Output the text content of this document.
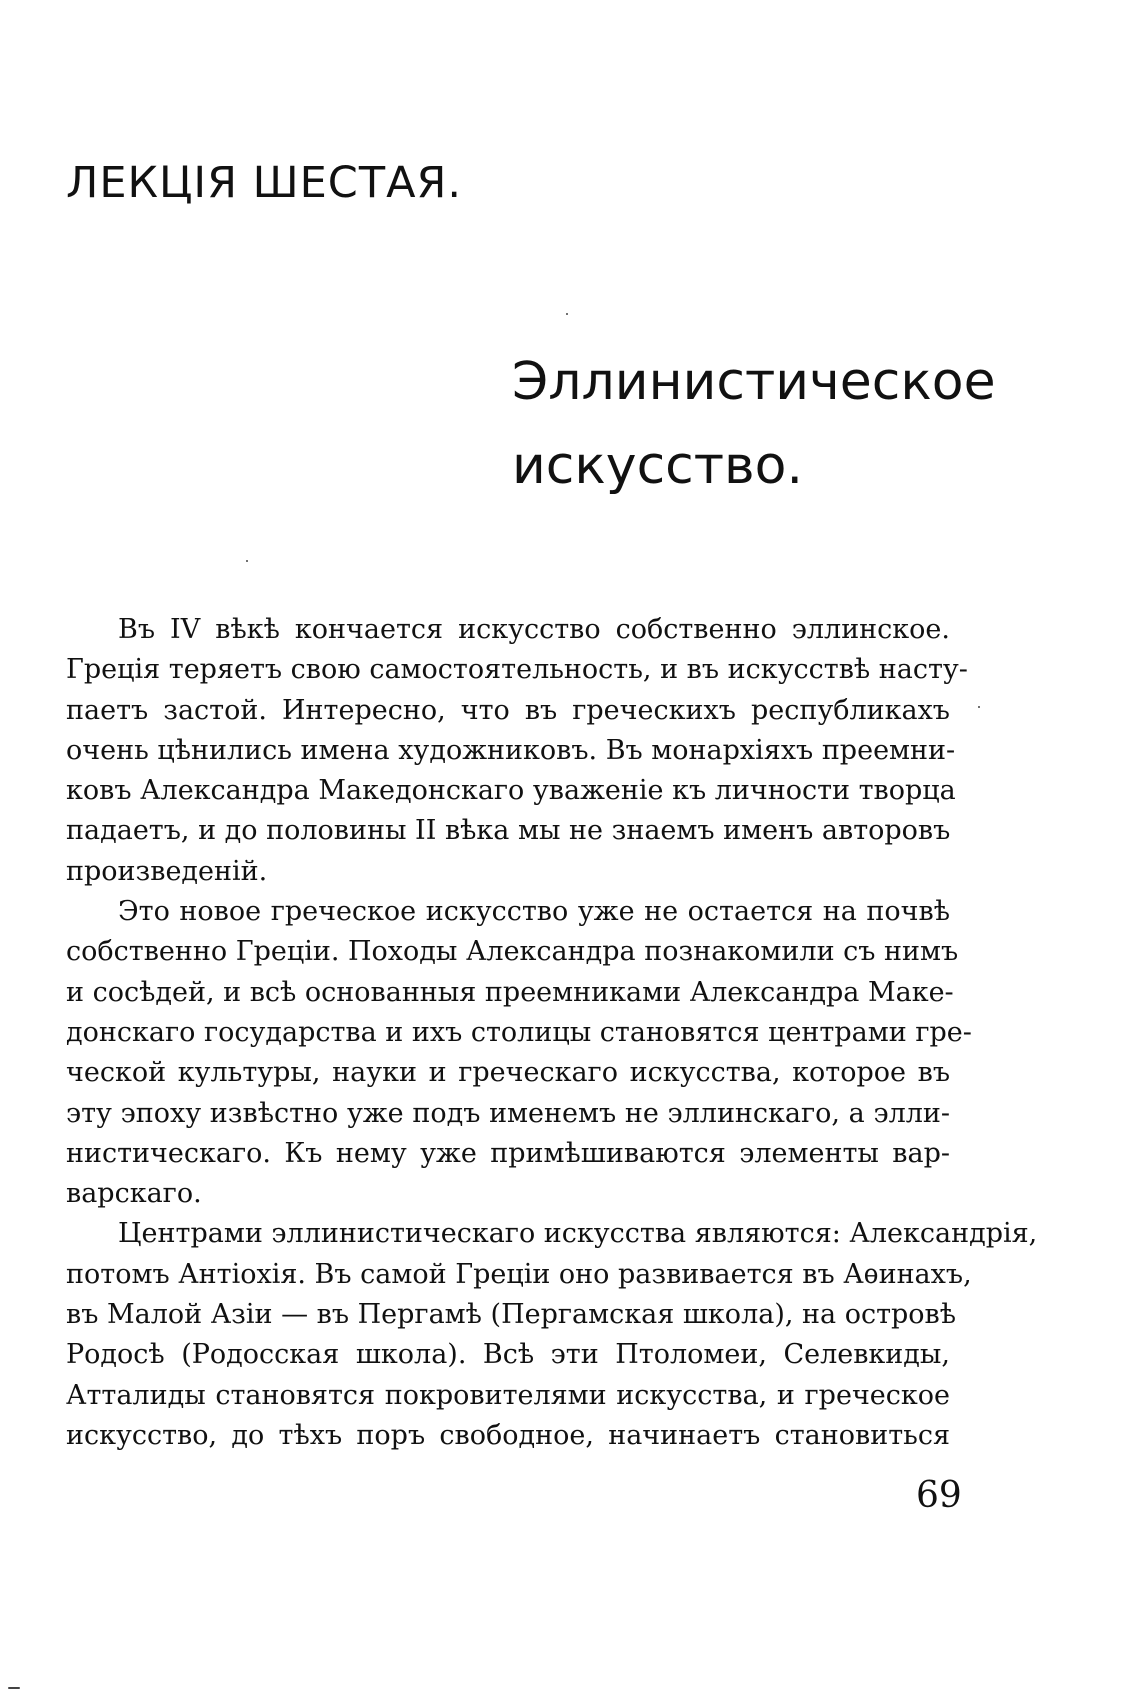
ЛЕКЦІЯ ШЕСТАЯ.
Эллинистическое
искусство.
Въ IV вѣкѣ кончается искусство собственно эллинское.
Грецiя теряетъ свою самостоятельность, и въ искусствѣ насту-
паетъ застой. Интересно, что въ греческихъ республикахъ
очень цѣнились имена художниковъ. Въ монархiяхъ преемни-
ковъ Александра Македонскаго уваженiе къ личности творца
падаетъ, и до половины II вѣка мы не знаемъ именъ авторовъ
произведенiй.
Это новое греческое искусство уже не остается на почвѣ
собственно Грецiи. Походы Александра познакомили съ нимъ
и сосѣдей, и всѣ основанныя преемниками Александра Маке-
донскаго государства и ихъ столицы становятся центрами гре-
ческой культуры, науки и греческаго искусства, которое въ
эту эпоху извѣстно уже подъ именемъ не эллинскаго, а элли-
нистическаго. Къ нему уже примѣшиваются элементы вар-
варскаго.
Центрами эллинистическаго искусства являются: Александрiя,
потомъ Антiохiя. Въ самой Грецiи оно развивается въ Аѳинахъ,
въ Малой Азiи — въ Пергамѣ (Пергамская школа), на островѣ
Родосѣ (Родосская школа). Всѣ эти Птоломеи, Селевкиды,
Атталиды становятся покровителями искусства, и греческое
искусство, до тѣхъ поръ свободное, начинаетъ становиться
69
